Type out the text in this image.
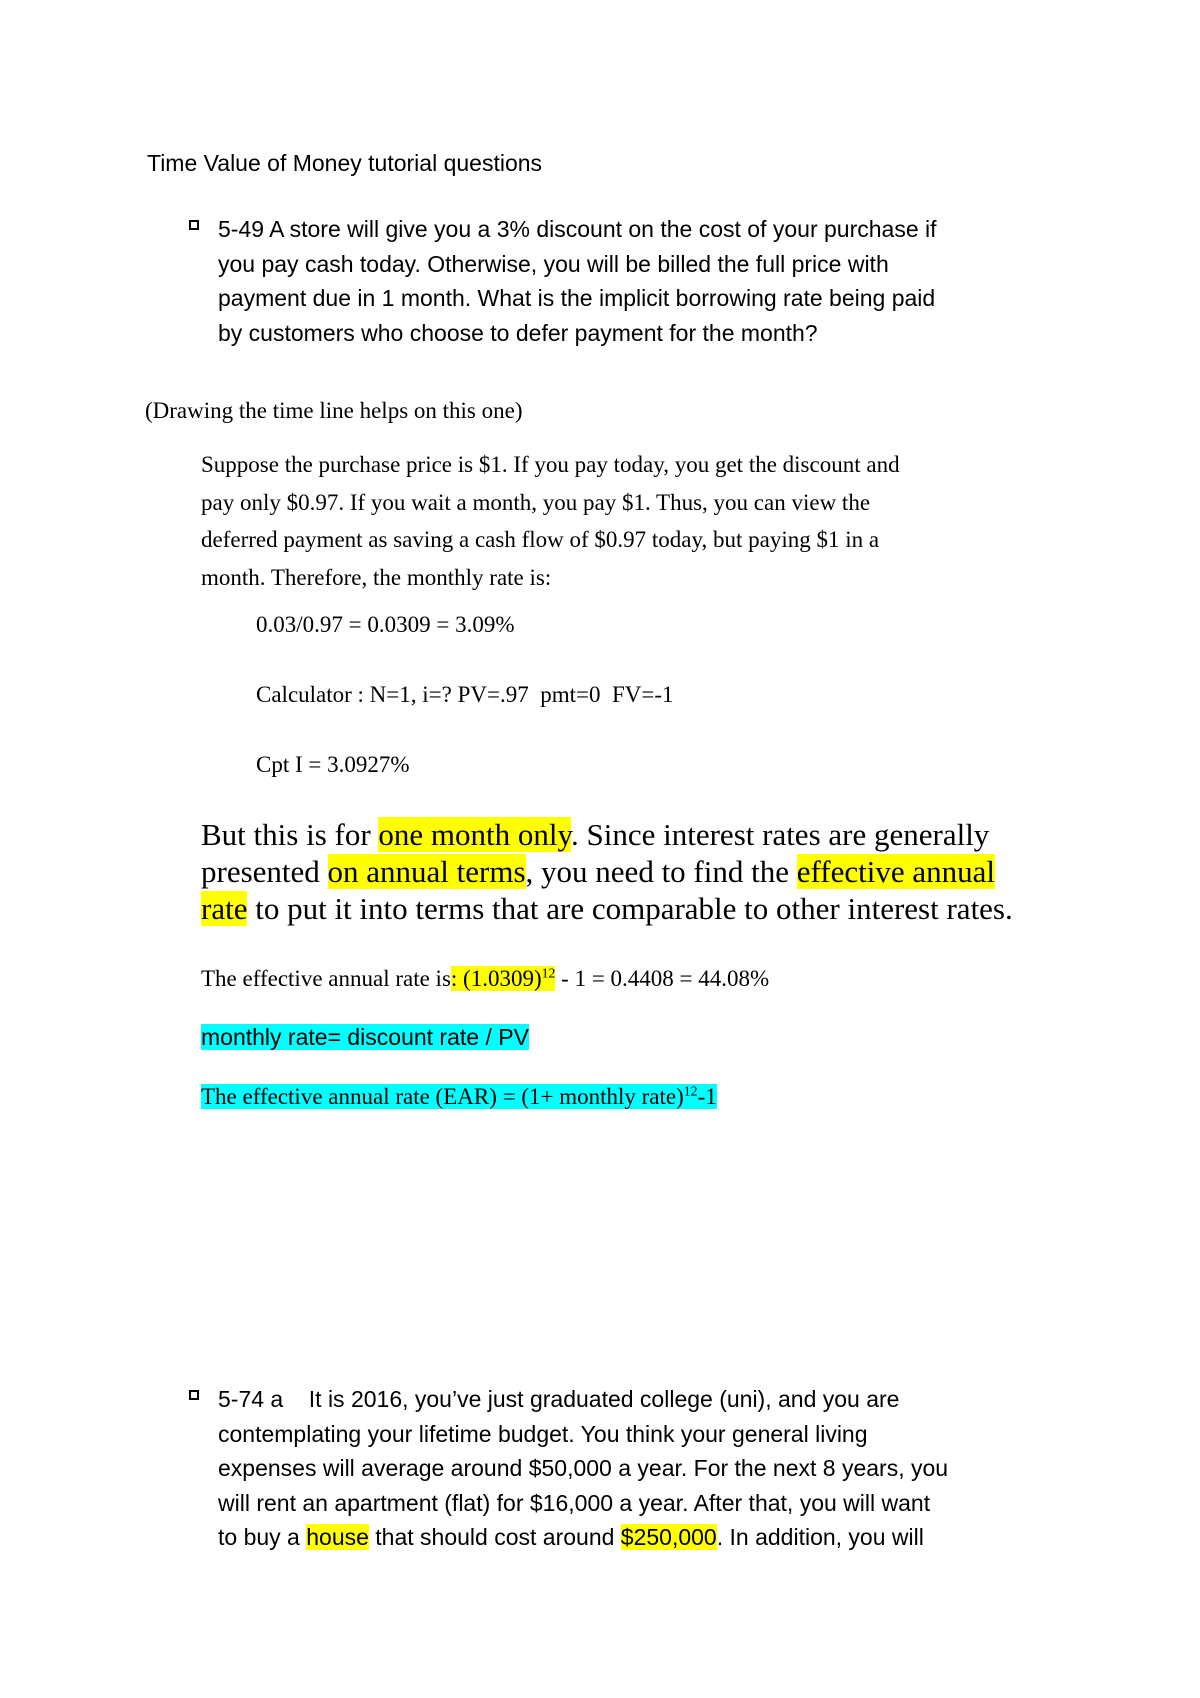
Time Value of Money tutorial questions
5-49 A store will give you a 3% discount on the cost of your purchase if
you pay cash today. Otherwise, you will be billed the full price with
payment due in 1 month. What is the implicit borrowing rate being paid
by customers who choose to defer payment for the month?
(Drawing the time line helps on this one)
Suppose the purchase price is $1. If you pay today, you get the discount and
pay only $0.97. If you wait a month, you pay $1. Thus, you can view the
deferred payment as saving a cash flow of $0.97 today, but paying $1 in a
month. Therefore, the monthly rate is:
0.03/0.97 = 0.0309 = 3.09%
Calculator : N=1, i=? PV=.97  pmt=0  FV=-1
Cpt I = 3.0927%
But this is for one month only. Since interest rates are generally
presented on annual terms, you need to find the effective annual
rate to put it into terms that are comparable to other interest rates.
The effective annual rate is: $(1.0309)^{12} - 1 = 0.4408 = 44.08\%$
monthly rate= discount rate / PV
The effective annual rate (EAR) = (1+ monthly rate)$^{12}$-1
5-74 a    It is 2016, you’ve just graduated college (uni), and you are
contemplating your lifetime budget. You think your general living
expenses will average around $50,000 a year. For the next 8 years, you
will rent an apartment (flat) for $16,000 a year. After that, you will want
to buy a house that should cost around $250,000. In addition, you will
